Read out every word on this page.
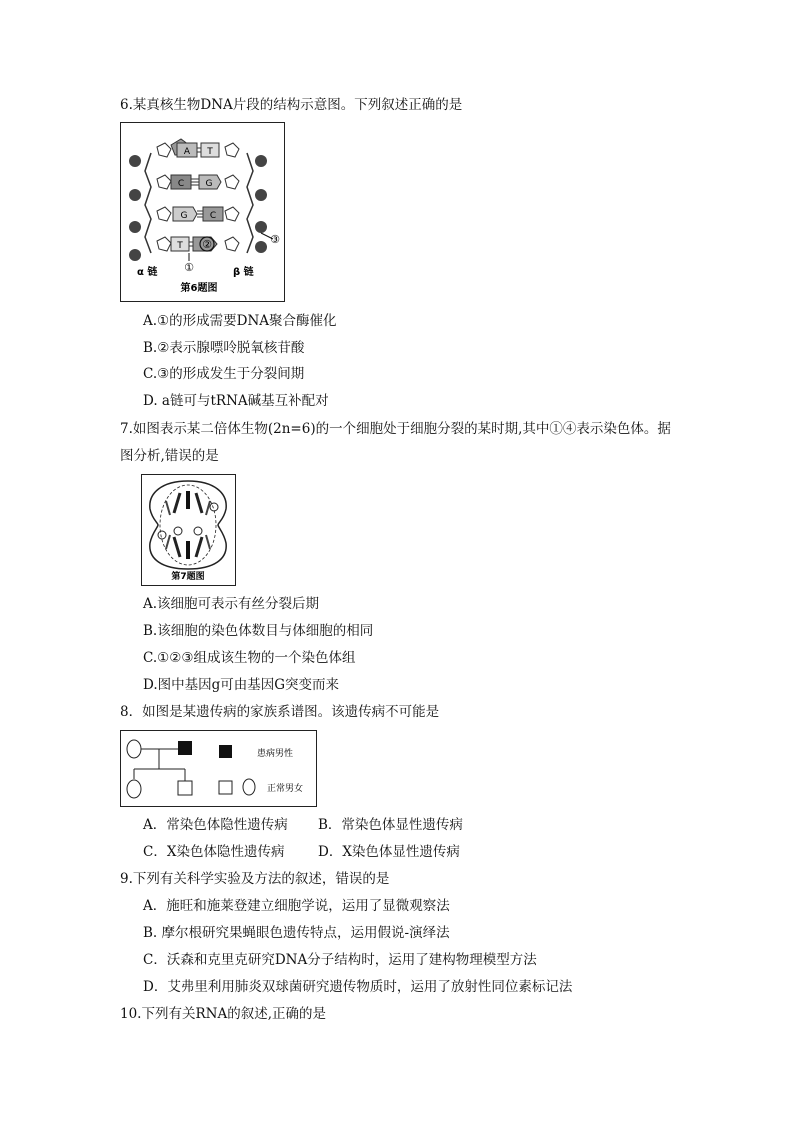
6.某真核生物DNA片段的结构示意图。下列叙述正确的是
A T
C G
G C
T ②	③
①
α 链	β 链
第6题图
A.①的形成需要DNA聚合酶催化
B.②表示腺嘌呤脱氧核苷酸
C.③的形成发生于分裂间期
D. a链可与tRNA碱基互补配对
7.如图表示某二倍体生物(2n=6)的一个细胞处于细胞分裂的某时期,其中①④表示染色体。据
图分析,错误的是
第7题图
A.该细胞可表示有丝分裂后期
B.该细胞的染色体数目与体细胞的相同
C.①②③组成该生物的一个染色体组
D.图中基因g可由基因G突变而来
8．如图是某遗传病的家族系谱图。该遗传病不可能是
患病男性
正常男女
A．常染色体隐性遗传病 B．常染色体显性遗传病
C．X染色体隐性遗传病 D．X染色体显性遗传病
9.下列有关科学实验及方法的叙述，错误的是
A．施旺和施莱登建立细胞学说，运用了显微观察法
B. 摩尔根研究果蝇眼色遗传特点，运用假说-演绎法
C．沃森和克里克研究DNA分子结构时，运用了建构物理模型方法
D．艾弗里利用肺炎双球菌研究遗传物质时，运用了放射性同位素标记法
10.下列有关RNA的叙述,正确的是
